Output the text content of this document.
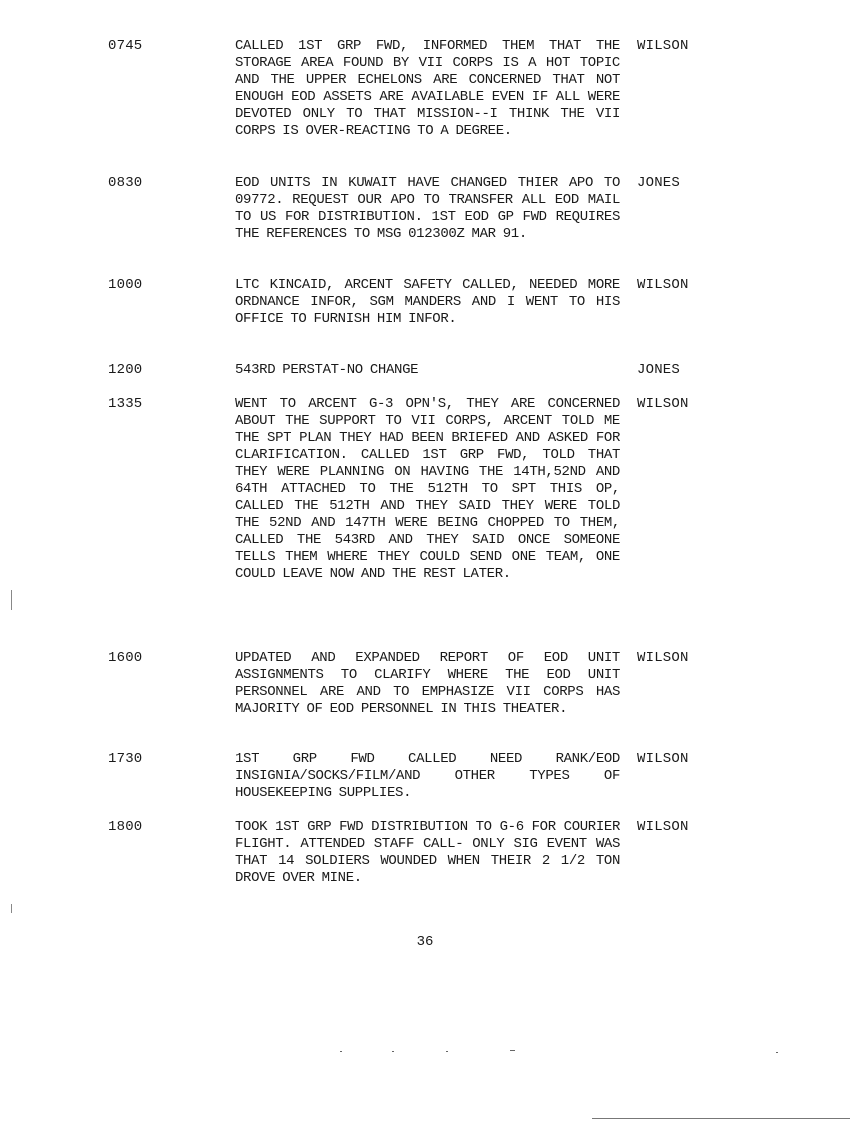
0745	CALLED 1ST GRP FWD, INFORMED THEM THAT THE STORAGE AREA FOUND BY VII CORPS IS A HOT TOPIC AND THE UPPER ECHELONS ARE CONCERNED THAT NOT ENOUGH EOD ASSETS ARE AVAILABLE EVEN IF ALL WERE DEVOTED ONLY TO THAT MISSION--I THINK THE VII CORPS IS OVER-REACTING TO A DEGREE.
WILSON
0830	EOD UNITS IN KUWAIT HAVE CHANGED THIER APO TO 09772. REQUEST OUR APO TO TRANSFER ALL EOD MAIL TO US FOR DISTRIBUTION. 1ST EOD GP FWD REQUIRES THE REFERENCES TO MSG 012300Z MAR 91.
JONES
1000	LTC KINCAID, ARCENT SAFETY CALLED, NEEDED MORE ORDNANCE INFOR, SGM MANDERS AND I WENT TO HIS OFFICE TO FURNISH HIM INFOR.
WILSON
1200	543RD PERSTAT-NO CHANGE	JONES
1335	WENT TO ARCENT G-3 OPN'S, THEY ARE CONCERNED ABOUT THE SUPPORT TO VII CORPS, ARCENT TOLD ME THE SPT PLAN THEY HAD BEEN BRIEFED AND ASKED FOR CLARIFICATION. CALLED 1ST GRP FWD, TOLD THAT THEY WERE PLANNING ON HAVING THE 14TH,52ND AND 64TH ATTACHED TO THE 512TH TO SPT THIS OP, CALLED THE 512TH AND THEY SAID THEY WERE TOLD THE 52ND AND 147TH WERE BEING CHOPPED TO THEM, CALLED THE 543RD AND THEY SAID ONCE SOMEONE TELLS THEM WHERE THEY COULD SEND ONE TEAM, ONE COULD LEAVE NOW AND THE REST LATER.
WILSON
1600	UPDATED AND EXPANDED REPORT OF EOD UNIT ASSIGNMENTS TO CLARIFY WHERE THE EOD UNIT PERSONNEL ARE AND TO EMPHASIZE VII CORPS HAS MAJORITY OF EOD PERSONNEL IN THIS THEATER.
WILSON
1730	1ST GRP FWD CALLED NEED RANK/EOD INSIGNIA/SOCKS/FILM/AND OTHER TYPES OF HOUSEKEEPING SUPPLIES.
WILSON
1800	TOOK 1ST GRP FWD DISTRIBUTION TO G-6 FOR COURIER FLIGHT. ATTENDED STAFF CALL- ONLY SIG EVENT WAS THAT 14 SOLDIERS WOUNDED WHEN THEIR 2 1/2 TON DROVE OVER MINE.
WILSON
36
